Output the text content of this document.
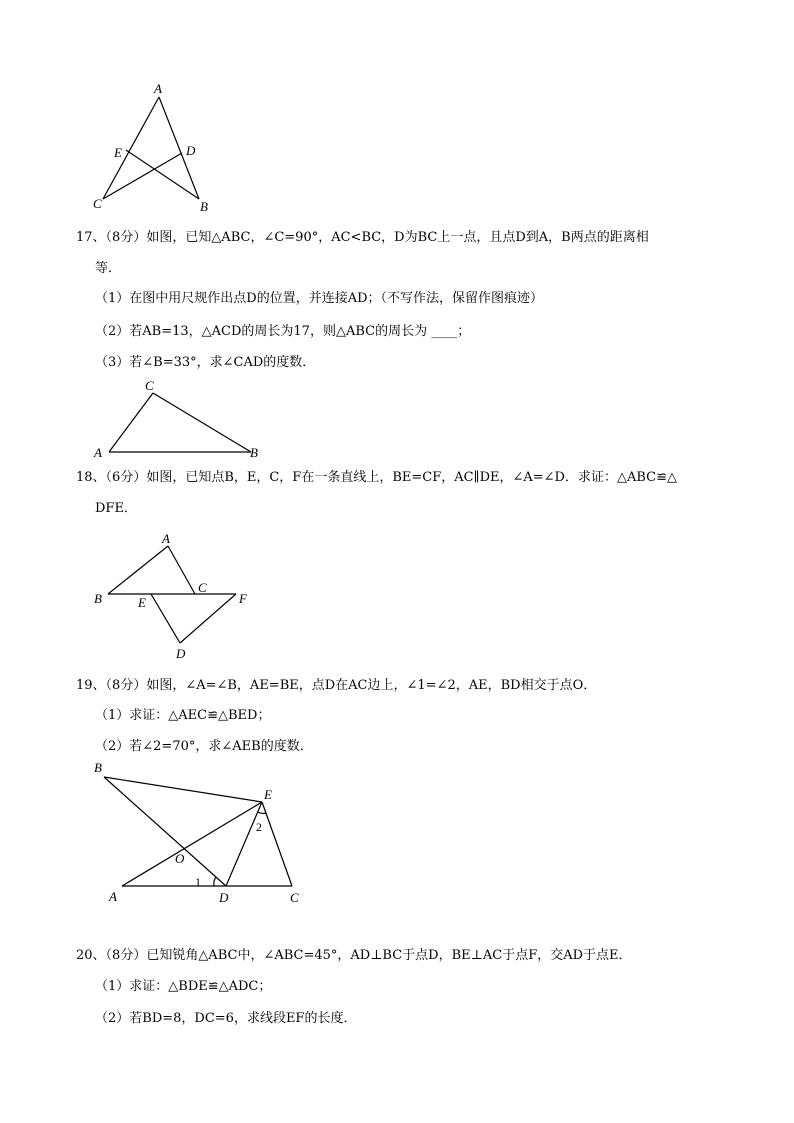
A
E	D
C	B
17、（8分）如图，已知△ABC，∠C=90°，AC<BC，D为BC上一点，且点D到A，B两点的距离相
等．
（1）在图中用尺规作出点D的位置，并连接AD；（不写作法，保留作图痕迹）
（2）若AB=13，△ACD的周长为17，则△ABC的周长为 ____；
（3）若∠B=33°，求∠CAD的度数．
C
A	B
18、（6分）如图，已知点B，E，C，F在一条直线上，BE=CF，AC∥DE，∠A=∠D．求证：△ABC≌△
DFE．
A
B
C
E	F
D
19、（8分）如图，∠A=∠B，AE=BE，点D在AC边上，∠1=∠2，AE，BD相交于点O．
（1）求证：△AEC≌△BED；
（2）若∠2=70°，求∠AEB的度数．
B
E
O
A	D	C
1
2
20、（8分）已知锐角△ABC中，∠ABC=45°，AD⊥BC于点D，BE⊥AC于点F，交AD于点E．
（1）求证：△BDE≌△ADC；
（2）若BD=8，DC=6，求线段EF的长度．
